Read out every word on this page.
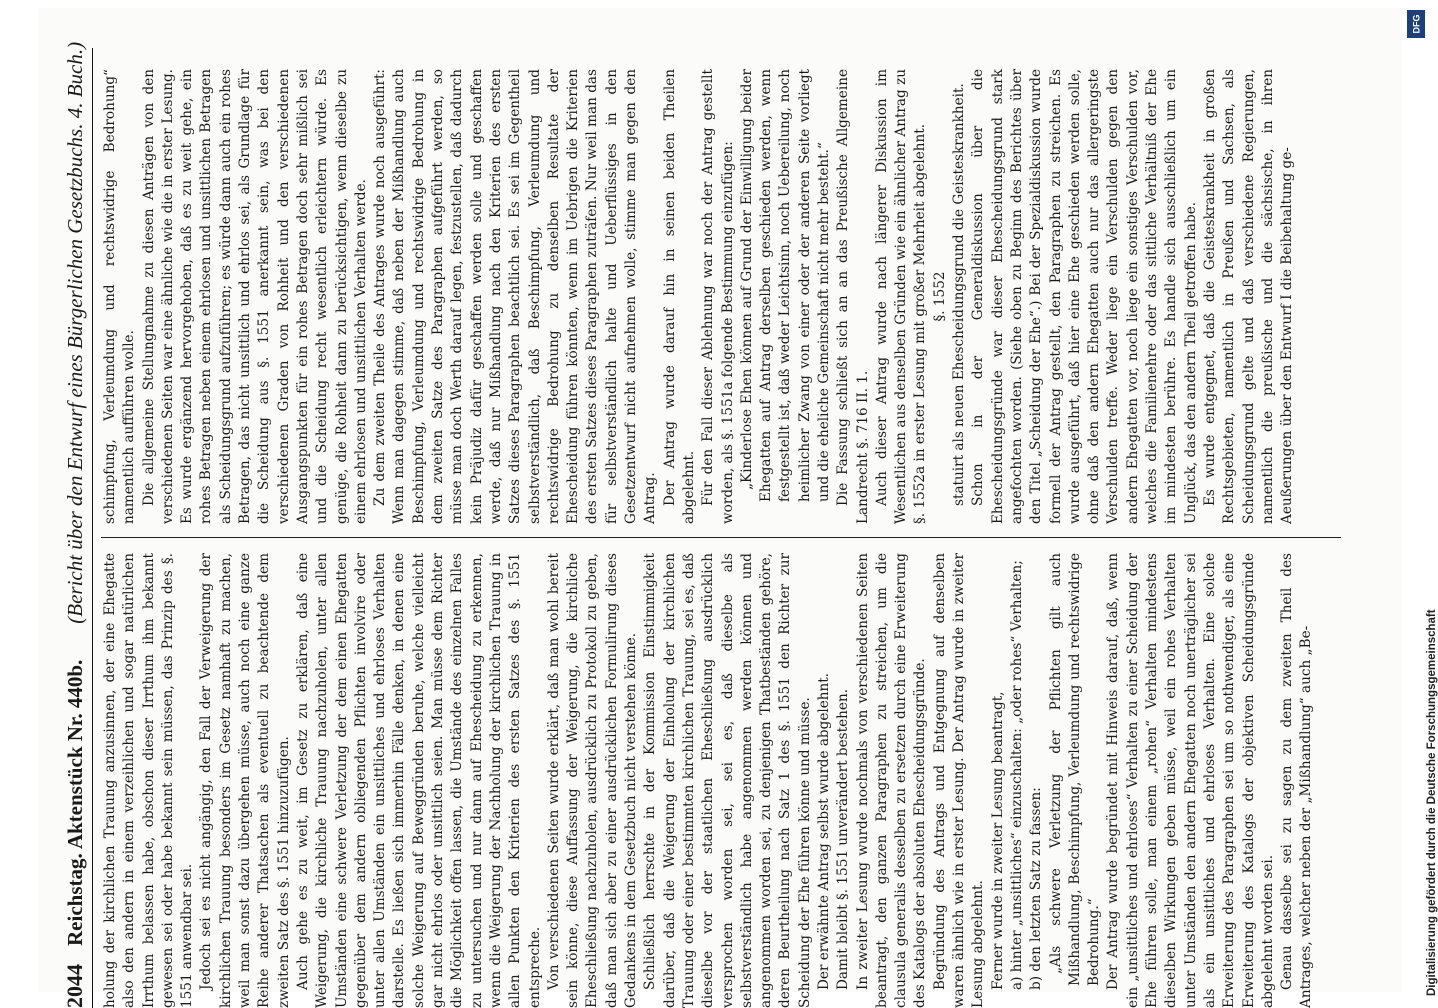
2044
Reichstag. Aktenstück Nr. 440b.
(Bericht über den Entwurf eines Bürgerlichen Gesetzbuchs. 4. Buch.)

holung der kirchlichen Trauung anzusinnen, der eine Ehegatte also den andern in einem verzeihlichen und sogar natürlichen Irrthum belassen habe, obschon dieser Irrthum ihm bekannt gewesen sei oder habe bekannt sein müssen, das Prinzip des §. 1551 anwendbar sei. Jedoch sei es nicht angängig, den Fall der Verweigerung der kirchlichen Trauung besonders im Gesetz namhaft zu machen, weil man sonst dazu übergehen müsse, auch noch eine ganze Reihe anderer Thatsachen als eventuell zu beachtende dem zweiten Satz des §. 1551 hinzuzufügen. Auch gehe es zu weit, im Gesetz zu erklären, daß eine Weigerung, die kirchliche Trauung nachzuholen, unter allen Umständen eine schwere Verletzung der dem einen Ehegatten gegenüber dem andern obliegenden Pflichten involvire oder unter allen Umständen ein unsittliches und ehrloses Verhalten darstelle. Es ließen sich immerhin Fälle denken, in denen eine solche Weigerung auf Beweggründen beruhe, welche vielleicht gar nicht ehrlos oder unsittlich seien. Man müsse dem Richter die Möglichkeit offen lassen, die Umstände des einzelnen Falles zu untersuchen und nur dann auf Ehescheidung zu erkennen, wenn die Weigerung der Nachholung der kirchlichen Trauung in allen Punkten den Kriterien des ersten Satzes des §. 1551 entspreche. Von verschiedenen Seiten wurde erklärt, daß man wohl bereit sein könne, diese Auffassung der Weigerung, die kirchliche Eheschließung nachzuholen, ausdrücklich zu Protokoll zu geben, daß man sich aber zu einer ausdrücklichen Formulirung dieses Gedankens in dem Gesetzbuch nicht verstehen könne. Schließlich herrschte in der Kommission Einstimmigkeit darüber, daß die Weigerung der Einholung der kirchlichen Trauung oder einer bestimmten kirchlichen Trauung, sei es, daß dieselbe vor der staatlichen Eheschließung ausdrücklich versprochen worden sei, sei es, daß dieselbe als selbstverständlich habe angenommen werden können und angenommen worden sei, zu denjenigen Thatbeständen gehöre, deren Beurtheilung nach Satz 1 des §. 1551 den Richter zur Scheidung der Ehe führen könne und müsse. Der erwähnte Antrag selbst wurde abgelehnt. Damit bleibt §. 1551 unverändert bestehen. In zweiter Lesung wurde nochmals von verschiedenen Seiten beantragt, den ganzen Paragraphen zu streichen, um die clausula generalis desselben zu ersetzen durch eine Erweiterung des Katalogs der absoluten Ehescheidungsgründe. Begründung des Antrags und Entgegnung auf denselben waren ähnlich wie in erster Lesung. Der Antrag wurde in zweiter Lesung abgelehnt. Ferner wurde in zweiter Lesung beantragt, a) hinter „unsittliches“ einzuschalten: „oder rohes“ Verhalten; b) den letzten Satz zu fassen: „Als schwere Verletzung der Pflichten gilt auch Mißhandlung, Beschimpfung, Verleumdung und rechtswidrige Bedrohung.“ Der Antrag wurde begründet mit Hinweis darauf, daß, wenn ein „unsittliches und ehrloses“ Verhalten zu einer Scheidung der Ehe führen solle, man einem „rohen“ Verhalten mindestens dieselben Wirkungen geben müsse, weil ein rohes Verhalten unter Umständen den andern Ehegatten noch unerträglicher sei als ein unsittliches und ehrloses Verhalten. Eine solche Erweiterung des Paragraphen sei um so nothwendiger, als eine Erweiterung des Katalogs der objektiven Scheidungsgründe abgelehnt worden sei. Genau dasselbe sei zu sagen zu dem zweiten Theil des Antrages, welcher neben der „Mißhandlung“ auch „Be-

schimpfung, Verleumdung und rechtswidrige Bedrohung“ namentlich aufführen wolle. Die allgemeine Stellungnahme zu diesen Anträgen von den verschiedenen Seiten war eine ähnliche wie die in erster Lesung. Es wurde ergänzend hervorgehoben, daß es zu weit gehe, ein rohes Betragen neben einem ehrlosen und unsittlichen Betragen als Scheidungsgrund aufzuführen; es würde dann auch ein rohes Betragen, das nicht unsittlich und ehrlos sei, als Grundlage für die Scheidung aus §. 1551 anerkannt sein, was bei den verschiedenen Graden von Rohheit und den verschiedenen Ausgangspunkten für ein rohes Betragen doch sehr mißlich sei und die Scheidung recht wesentlich erleichtern würde. Es genüge, die Rohheit dann zu berücksichtigen, wenn dieselbe zu einem ehrlosen und unsittlichen Verhalten werde. Zu dem zweiten Theile des Antrages wurde noch ausgeführt: Wenn man dagegen stimme, daß neben der Mißhandlung auch Beschimpfung, Verleumdung und rechtswidrige Bedrohung in dem zweiten Satze des Paragraphen aufgeführt werden, so müsse man doch Werth darauf legen, festzustellen, daß dadurch kein Präjudiz dafür geschaffen werden solle und geschaffen werde, daß nur Mißhandlung nach den Kriterien des ersten Satzes dieses Paragraphen beachtlich sei. Es sei im Gegentheil selbstverständlich, daß Beschimpfung, Verleumdung und rechtswidrige Bedrohung zu denselben Resultate der Ehescheidung führen könnten, wenn im Uebrigen die Kriterien des ersten Satzes dieses Paragraphen zuträfen. Nur weil man das für selbstverständlich halte und Ueberflüssiges in den Gesetzentwurf nicht aufnehmen wolle, stimme man gegen den Antrag. Der Antrag wurde darauf hin in seinen beiden Theilen abgelehnt. Für den Fall dieser Ablehnung war noch der Antrag gestellt worden, als §. 1551a folgende Bestimmung einzufügen: „Kinderlose Ehen können auf Grund der Einwilligung beider Ehegatten auf Antrag derselben geschieden werden, wenn festgestellt ist, daß weder Leichtsinn, noch Uebereilung, noch heimlicher Zwang von einer oder der anderen Seite vorliegt und die eheliche Gemeinschaft nicht mehr besteht.“ Die Fassung schließt sich an an das Preußische Allgemeine Landrecht §. 716 II. 1. Auch dieser Antrag wurde nach längerer Diskussion im Wesentlichen aus denselben Gründen wie ein ähnlicher Antrag zu §. 1552a in erster Lesung mit großer Mehrheit abgelehnt. §. 1552 statuirt als neuen Ehescheidungsgrund die Geisteskrankheit. Schon in der Generaldiskussion über die Ehescheidungsgründe war dieser Ehescheidungsgrund stark angefochten worden. (Siehe oben zu Beginn des Berichtes über den Titel „Scheidung der Ehe“.) Bei der Spezialdiskussion wurde formell der Antrag gestellt, den Paragraphen zu streichen. Es wurde ausgeführt, daß hier eine Ehe geschieden werden solle, ohne daß den andern Ehegatten auch nur das allergeringste Verschulden treffe. Weder liege ein Verschulden gegen den andern Ehegatten vor, noch liege ein sonstiges Verschulden vor, welches die Familienehre oder das sittliche Verhältniß der Ehe im mindesten berühre. Es handle sich ausschließlich um ein Unglück, das den andern Theil getroffen habe. Es wurde entgegnet, daß die Geisteskrankheit in großen Rechtsgebieten, namentlich in Preußen und Sachsen, als Scheidungsgrund gelte und daß verschiedene Regierungen, namentlich die preußische und die sächsische, in ihren Aeußerungen über den Entwurf I die Beibehaltung ge-

Digitalisierung gefördert durch die Deutsche Forschungsgemeinschaft
DFG
